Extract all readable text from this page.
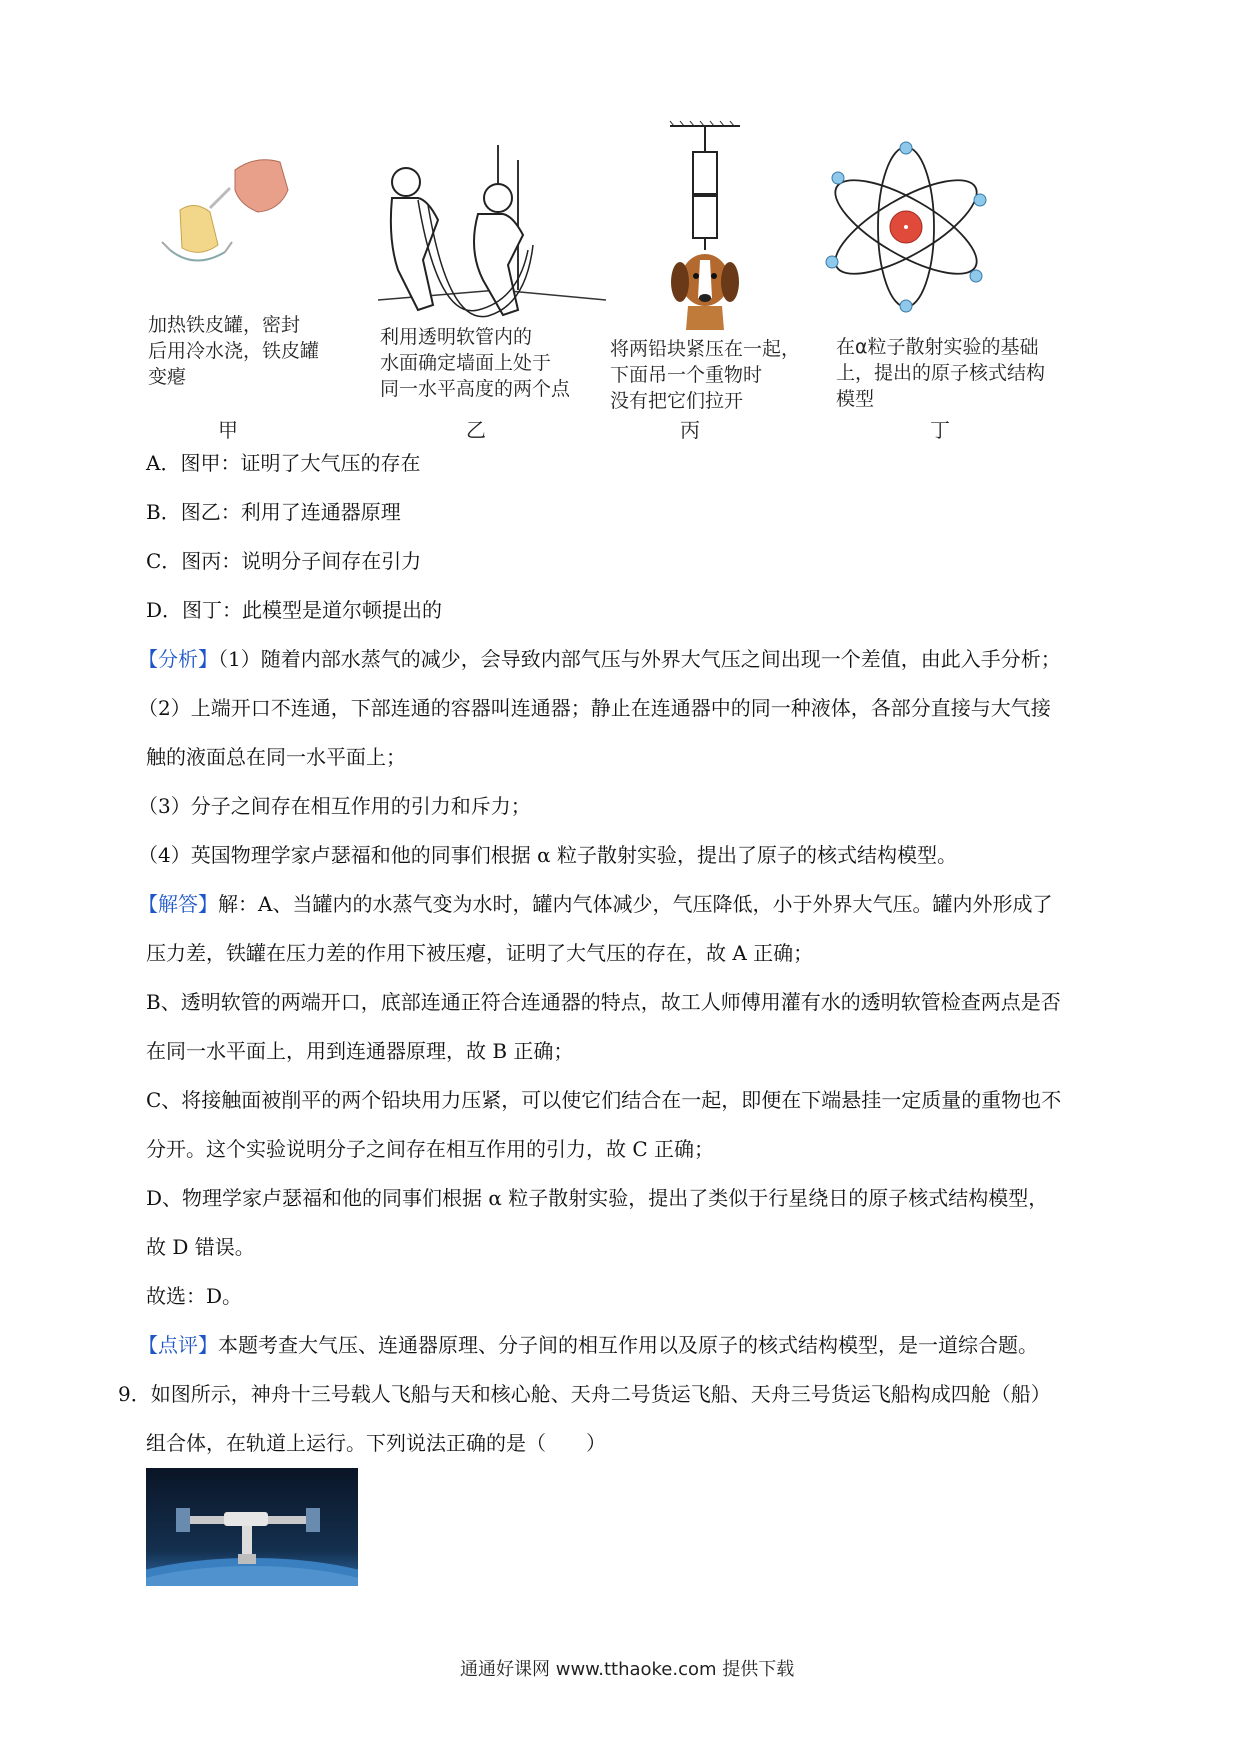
加热铁皮罐，密封
后用冷水浇，铁皮罐
变瘪
甲
利用透明软管内的
水面确定墙面上处于
同一水平高度的两个点
乙
将两铅块紧压在一起，
下面吊一个重物时
没有把它们拉开
丙
在α粒子散射实验的基础
上，提出的原子核式结构
模型
丁
A．图甲：证明了大气压的存在
B．图乙：利用了连通器原理
C．图丙：说明分子间存在引力
D．图丁：此模型是道尔顿提出的
【分析】（1）随着内部水蒸气的减少，会导致内部气压与外界大气压之间出现一个差值，由此入手分析；
（2）上端开口不连通，下部连通的容器叫连通器；静止在连通器中的同一种液体，各部分直接与大气接
触的液面总在同一水平面上；
（3）分子之间存在相互作用的引力和斥力；
（4）英国物理学家卢瑟福和他的同事们根据 α 粒子散射实验，提出了原子的核式结构模型。
【解答】解：A、当罐内的水蒸气变为水时，罐内气体减少，气压降低，小于外界大气压。罐内外形成了
压力差，铁罐在压力差的作用下被压瘪，证明了大气压的存在，故 A 正确；
B、透明软管的两端开口，底部连通正符合连通器的特点，故工人师傅用灌有水的透明软管检查两点是否
在同一水平面上，用到连通器原理，故 B 正确；
C、将接触面被削平的两个铅块用力压紧，可以使它们结合在一起，即便在下端悬挂一定质量的重物也不
分开。这个实验说明分子之间存在相互作用的引力，故 C 正确；
D、物理学家卢瑟福和他的同事们根据 α 粒子散射实验，提出了类似于行星绕日的原子核式结构模型，
故 D 错误。
故选：D。
【点评】本题考查大气压、连通器原理、分子间的相互作用以及原子的核式结构模型，是一道综合题。
9．如图所示，神舟十三号载人飞船与天和核心舱、天舟二号货运飞船、天舟三号货运飞船构成四舱（船）
组合体，在轨道上运行。下列说法正确的是（　　）
通通好课网 www.tthaoke.com 提供下载
